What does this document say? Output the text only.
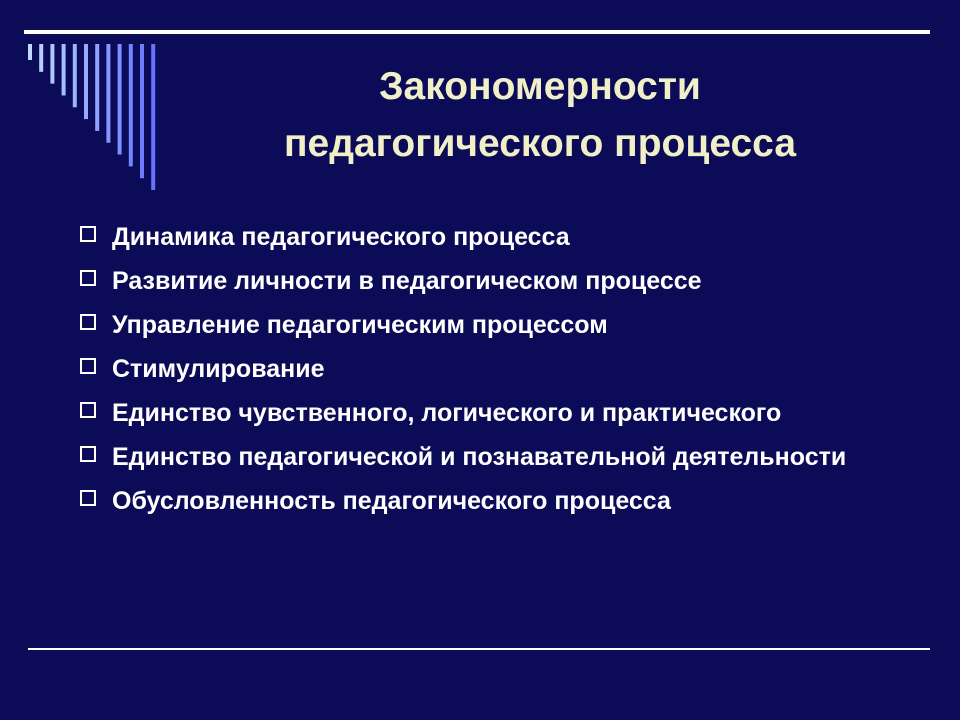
Закономерности
педагогического процесса
Динамика педагогического процесса
Развитие личности в педагогическом процессе
Управление педагогическим процессом
Стимулирование
Единство чувственного, логического и практического
Единство педагогической и познавательной деятельности
Обусловленность педагогического процесса
